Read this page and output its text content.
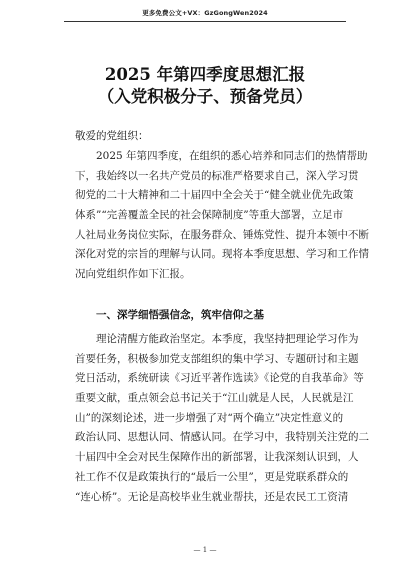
更多免费公文+VX：GzGongWen2024
2025 年第四季度思想汇报
（入党积极分子、预备党员）
敬爱的党组织：
2025 年第四季度，在组织的悉心培养和同志们的热情帮助
下，我始终以一名共产党员的标准严格要求自己，深入学习贯
彻党的二十大精神和二十届四中全会关于“健全就业优先政策
体系”“完善覆盖全民的社会保障制度”等重大部署，立足市
人社局业务岗位实际，在服务群众、锤炼党性、提升本领中不断
深化对党的宗旨的理解与认同。现将本季度思想、学习和工作情
况向党组织作如下汇报。
一、深学细悟强信念，筑牢信仰之基
理论清醒方能政治坚定。本季度，我坚持把理论学习作为
首要任务，积极参加党支部组织的集中学习、专题研讨和主题
党日活动，系统研读《习近平著作选读》《论党的自我革命》等
重要文献，重点领会总书记关于“江山就是人民，人民就是江
山”的深刻论述，进一步增强了对“两个确立”决定性意义的
政治认同、思想认同、情感认同。在学习中，我特别关注党的二
十届四中全会对民生保障作出的新部署，让我深刻认识到，人
社工作不仅是政策执行的“最后一公里”，更是党联系群众的
“连心桥”。无论是高校毕业生就业帮扶，还是农民工工资清
— 1 —
